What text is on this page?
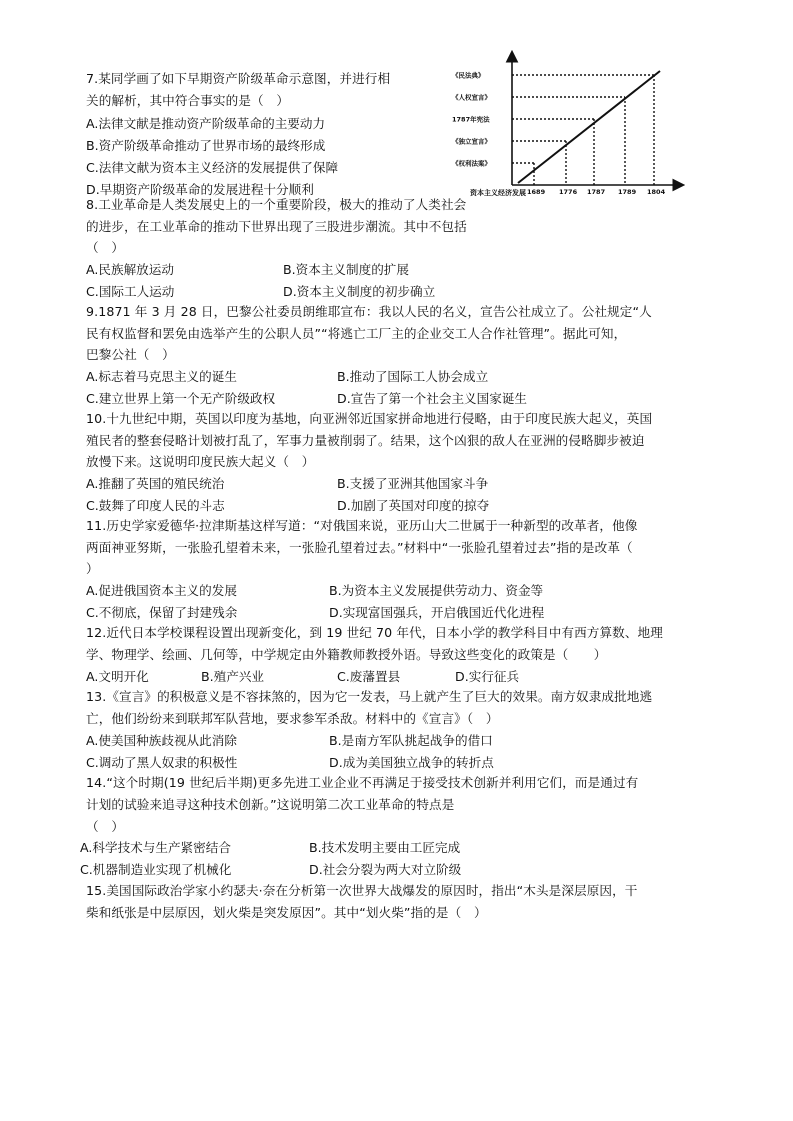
7.某同学画了如下早期资产阶级革命示意图，并进行相
关的解析，其中符合事实的是（　）
A.法律文献是推动资产阶级革命的主要动力
B.资产阶级革命推动了世界市场的最终形成
C.法律文献为资本主义经济的发展提供了保障
D.早期资产阶级革命的发展进程十分顺利
《权利法案》
《独立宣言》
1787年宪法
《人权宣言》
《民法典》
1689 1776 1787 1789 1804
资本主义经济发展
8.工业革命是人类发展史上的一个重要阶段，极大的推动了人类社会
的进步，在工业革命的推动下世界出现了三股进步潮流。其中不包括
（　）
A.民族解放运动	B.资本主义制度的扩展
C.国际工人运动	D.资本主义制度的初步确立
9.1871 年 3 月 28 日，巴黎公社委员朗维耶宣布：我以人民的名义，宣告公社成立了。公社规定“人
民有权监督和罢免由选举产生的公职人员”“将逃亡工厂主的企业交工人合作社管理”。据此可知，
巴黎公社（　）
A.标志着马克思主义的诞生	B.推动了国际工人协会成立
C.建立世界上第一个无产阶级政权	D.宣告了第一个社会主义国家诞生
10.十九世纪中期，英国以印度为基地，向亚洲邻近国家拼命地进行侵略，由于印度民族大起义，英国
殖民者的整套侵略计划被打乱了，军事力量被削弱了。结果，这个凶狠的敌人在亚洲的侵略脚步被迫
放慢下来。这说明印度民族大起义（　）
A.推翻了英国的殖民统治	B.支援了亚洲其他国家斗争
C.鼓舞了印度人民的斗志	D.加剧了英国对印度的掠夺
11.历史学家爱德华·拉津斯基这样写道：“对俄国来说，亚历山大二世属于一种新型的改革者，他像
两面神亚努斯，一张脸孔望着未来，一张脸孔望着过去。”材料中“一张脸孔望着过去”指的是改革（
）
A.促进俄国资本主义的发展	B.为资本主义发展提供劳动力、资金等
C.不彻底，保留了封建残余	D.实现富国强兵，开启俄国近代化进程
12.近代日本学校课程设置出现新变化，到 19 世纪 70 年代，日本小学的教学科目中有西方算数、地理
学、物理学、绘画、几何等，中学规定由外籍教师教授外语。导致这些变化的政策是（　　）
A.文明开化	B.殖产兴业	C.废藩置县	D.实行征兵
13.《宣言》的积极意义是不容抹煞的，因为它一发表，马上就产生了巨大的效果。南方奴隶成批地逃
亡，他们纷纷来到联邦军队营地，要求参军杀敌。材料中的《宣言》（　）
A.使美国种族歧视从此消除	B.是南方军队挑起战争的借口
C.调动了黑人奴隶的积极性	D.成为美国独立战争的转折点
14.“这个时期(19 世纪后半期)更多先进工业企业不再满足于接受技术创新并利用它们，而是通过有
计划的试验来追寻这种技术创新。”这说明第二次工业革命的特点是
（　）
A.科学技术与生产紧密结合	B.技术发明主要由工匠完成
C.机器制造业实现了机械化	D.社会分裂为两大对立阶级
15.美国国际政治学家小约瑟夫·奈在分析第一次世界大战爆发的原因时，指出“木头是深层原因，干
柴和纸张是中层原因，划火柴是突发原因”。其中“划火柴”指的是（　）
